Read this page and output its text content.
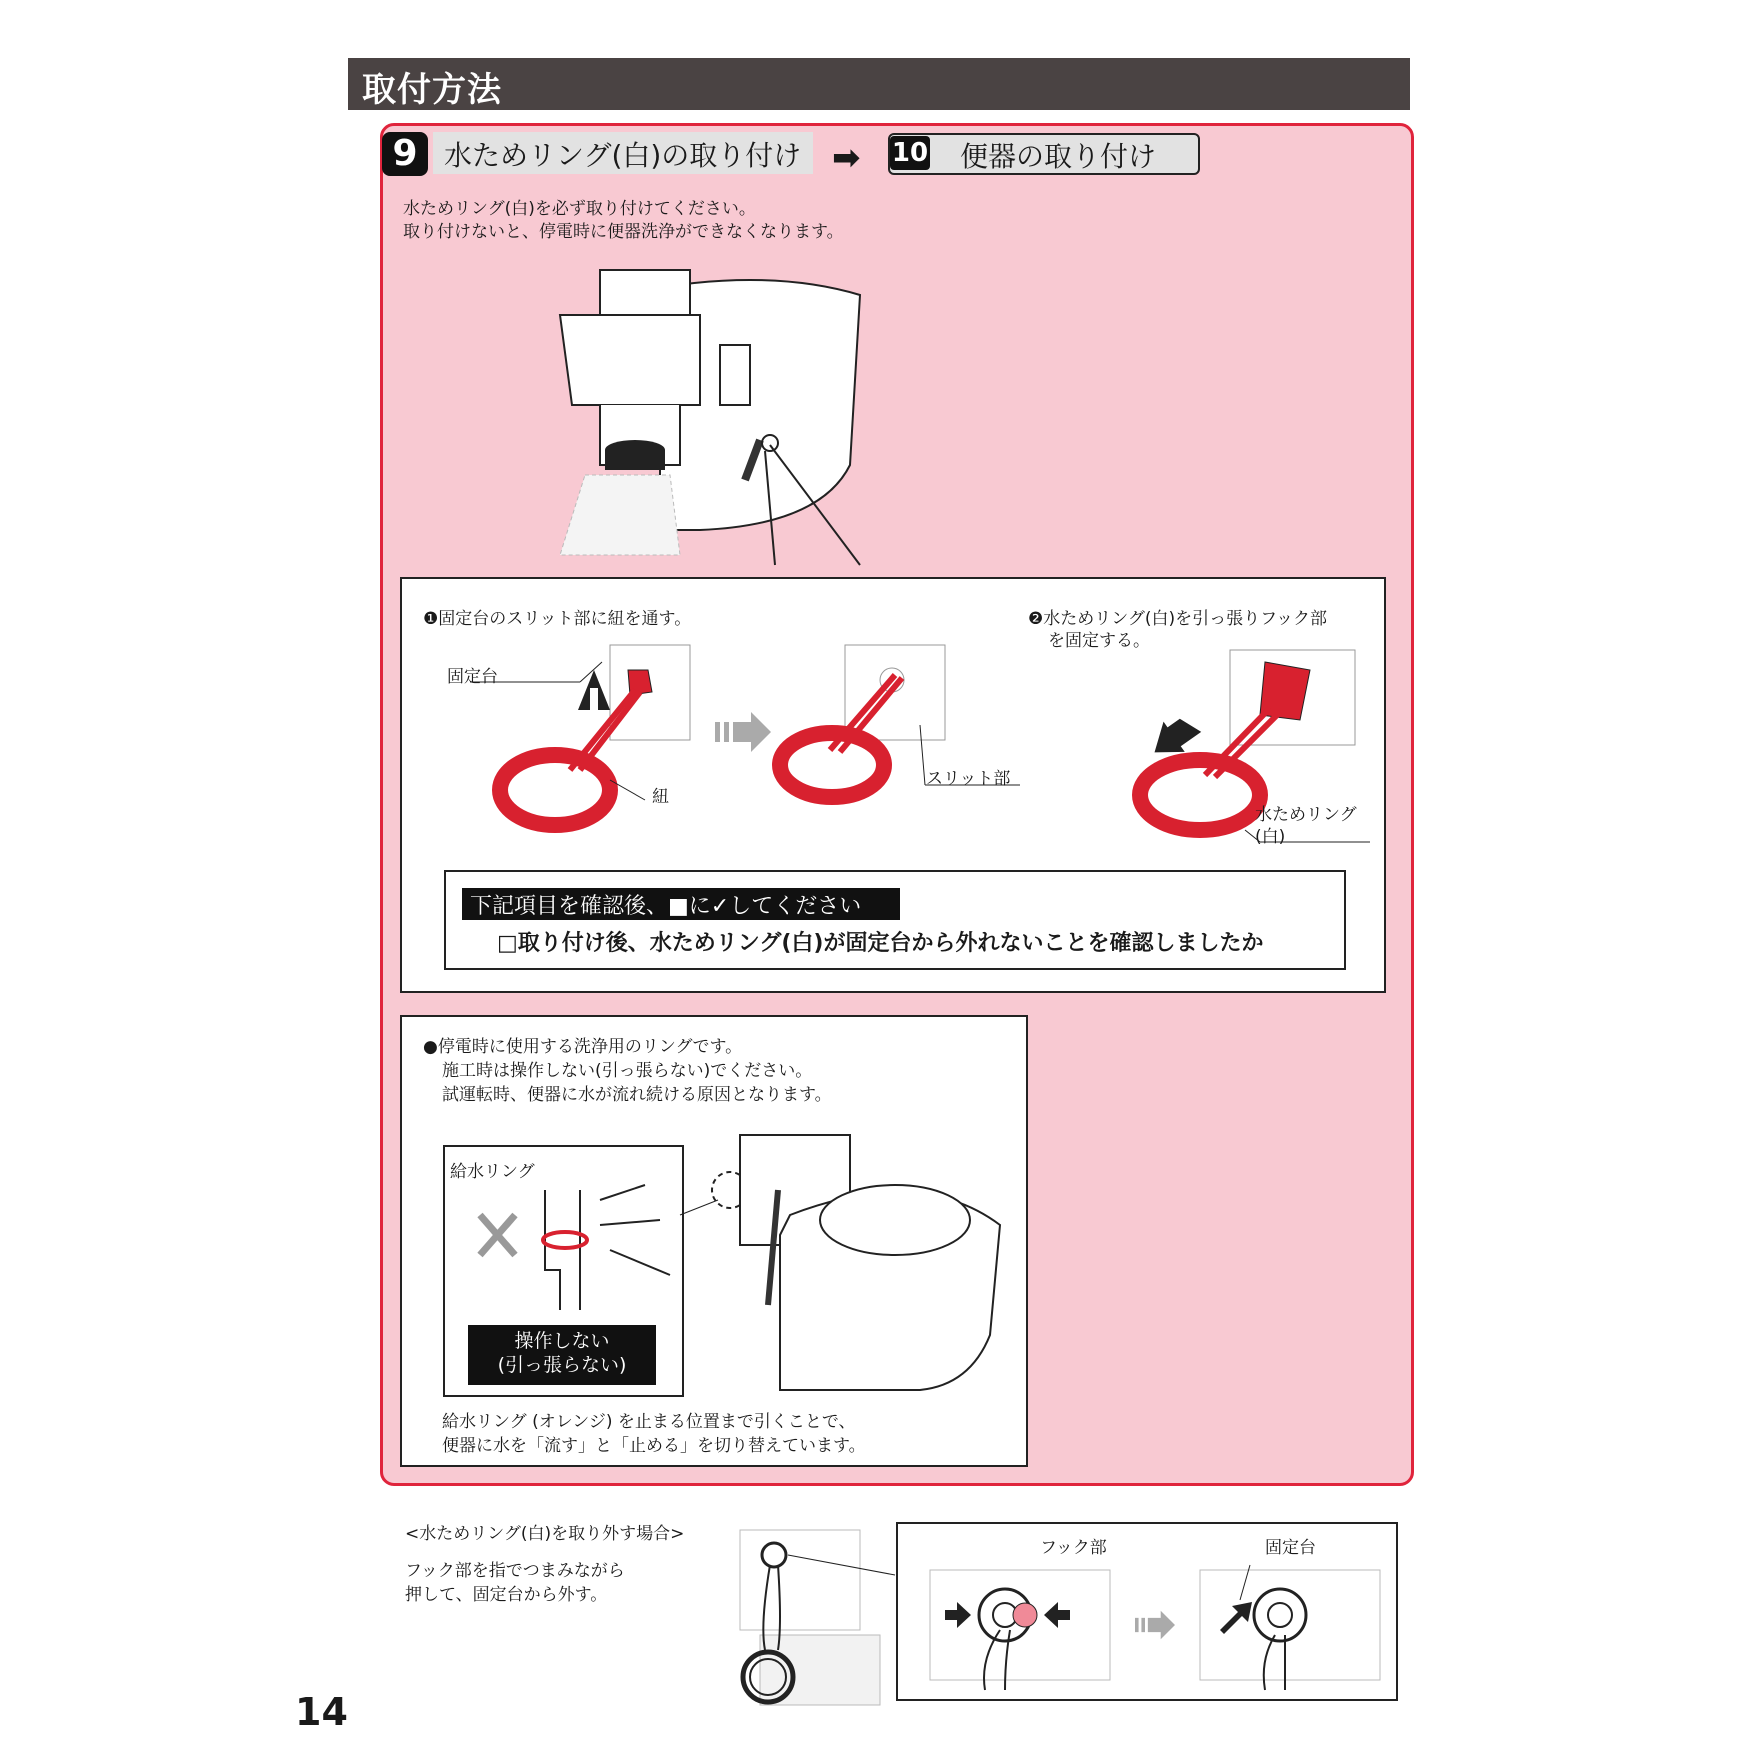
取付方法
9 水ためリング(白)の取り付け ➡ 10 便器の取り付け
水ためリング(白)を必ず取り付けてください。
取り付けないと、停電時に便器洗浄ができなくなります。
❶固定台のスリット部に紐を通す。	❷水ためリング(白)を引っ張りフック部
を固定する。
固定台
紐
スリット部
水ためリング
(白)
下記項目を確認後、■に✓してください
□取り付け後、水ためリング(白)が固定台から外れないことを確認しましたか
●停電時に使用する洗浄用のリングです。
施工時は操作しない(引っ張らない)でください。
試運転時、便器に水が流れ続ける原因となります。
給水リング
操作しない
(引っ張らない)
給水リング (オレンジ) を止まる位置まで引くことで、
便器に水を「流す」と「止める」を切り替えています。
<水ためリング(白)を取り外す場合>
フック部を指でつまみながら
押して、固定台から外す。
フック部	固定台
14
